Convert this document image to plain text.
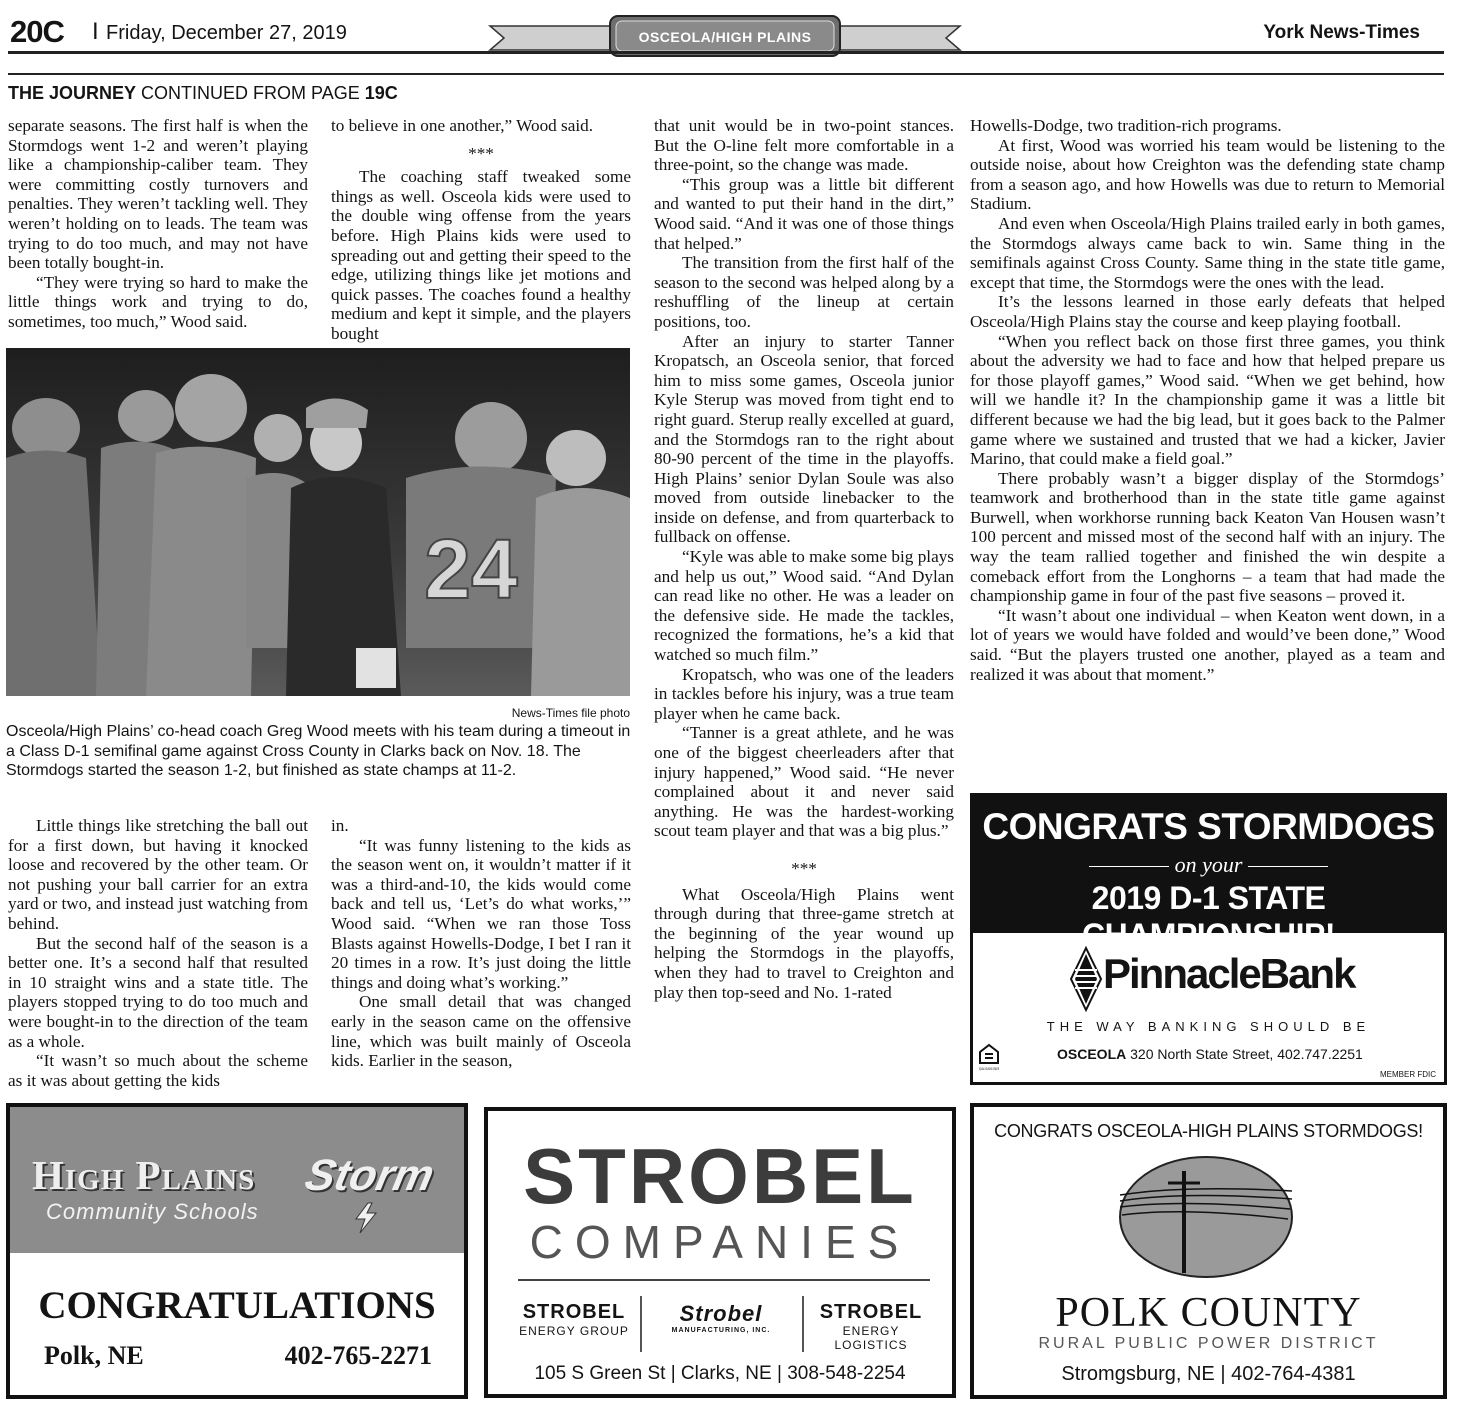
20C I Friday, December 27, 2019	OSCEOLA/HIGH PLAINS	York News-Times
THE JOURNEY CONTINUED FROM PAGE 19C

separate seasons. The first half is when the Stormdogs went 1-2 and weren’t playing like a championship-caliber team. They were committing costly turnovers and penalties. They weren’t tackling well. They weren’t holding on to leads. The team was trying to do too much, and may not have been totally bought-in.

“They were trying so hard to make the little things work and trying to do, sometimes, too much,” Wood said.

to believe in one another,” Wood said.

***

The coaching staff tweaked some things as well. Osceola kids were used to the double wing offense from the years before. High Plains kids were used to spreading out and getting their speed to the edge, utilizing things like jet motions and quick passes. The coaches found a healthy medium and kept it simple, and the players bought

24
News-Times file photo
Osceola/High Plains’ co-head coach Greg Wood meets with his team during a timeout in a Class D-1 semifinal game against Cross County in Clarks back on Nov. 18. The Stormdogs started the season 1-2, but finished as state champs at 11-2.

Little things like stretching the ball out for a first down, but having it knocked loose and recovered by the other team. Or not pushing your ball carrier for an extra yard or two, and instead just watching from behind.

But the second half of the season is a better one. It’s a second half that resulted in 10 straight wins and a state title. The players stopped trying to do too much and were bought-in to the direction of the team as a whole.

“It wasn’t so much about the scheme as it was about getting the kids

in.

“It was funny listening to the kids as the season went on, it wouldn’t matter if it was a third-and-10, the kids would come back and tell us, ‘Let’s do what works,’” Wood said. “When we ran those Toss Blasts against Howells-Dodge, I bet I ran it 20 times in a row. It’s just doing the little things and doing what’s working.”

One small detail that was changed early in the season came on the offensive line, which was built mainly of Osceola kids. Earlier in the season,

that unit would be in two-point stances. But the O-line felt more comfortable in a three-point, so the change was made.

“This group was a little bit different and wanted to put their hand in the dirt,” Wood said. “And it was one of those things that helped.”

The transition from the first half of the season to the second was helped along by a reshuffling of the lineup at certain positions, too.

After an injury to starter Tanner Kropatsch, an Osceola senior, that forced him to miss some games, Osceola junior Kyle Sterup was moved from tight end to right guard. Sterup really excelled at guard, and the Stormdogs ran to the right about 80-90 percent of the time in the playoffs. High Plains’ senior Dylan Soule was also moved from outside linebacker to the inside on defense, and from quarterback to fullback on offense.

“Kyle was able to make some big plays and help us out,” Wood said. “And Dylan can read like no other. He was a leader on the defensive side. He made the tackles, recognized the formations, he’s a kid that watched so much film.”

Kropatsch, who was one of the leaders in tackles before his injury, was a true team player when he came back.

“Tanner is a great athlete, and he was one of the biggest cheerleaders after that injury happened,” Wood said. “He never complained about it and never said anything. He was the hardest-working scout team player and that was a big plus.”

***

What Osceola/High Plains went through during that three-game stretch at the beginning of the year wound up helping the Stormdogs in the playoffs, when they had to travel to Creighton and play then top-seed and No. 1-rated

Howells-Dodge, two tradition-rich programs.

At first, Wood was worried his team would be listening to the outside noise, about how Creighton was the defending state champ from a season ago, and how Howells was due to return to Memorial Stadium.

And even when Osceola/High Plains trailed early in both games, the Stormdogs always came back to win. Same thing in the semifinals against Cross County. Same thing in the state title game, except that time, the Stormdogs were the ones with the lead.

It’s the lessons learned in those early defeats that helped Osceola/High Plains stay the course and keep playing football.

“When you reflect back on those first three games, you think about the adversity we had to face and how that helped prepare us for those playoff games,” Wood said. “When we get behind, how will we handle it? In the championship game it was a little bit different because we had the big lead, but it goes back to the Palmer game where we sustained and trusted that we had a kicker, Javier Marino, that could make a field goal.”

There probably wasn’t a bigger display of the Stormdogs’ teamwork and brotherhood than in the state title game against Burwell, when workhorse running back Keaton Van Housen wasn’t 100 percent and missed most of the second half with an injury. The way the team rallied together and finished the win despite a comeback effort from the Longhorns – a team that had made the championship game in four of the past five seasons – proved it.

“It wasn’t about one individual – when Keaton went down, in a lot of years we would have folded and would’ve been done,” Wood said. “But the players trusted one another, played as a team and realized it was about that moment.”

CONGRATS STORMDOGS
on your
2019 D-1 STATE CHAMPIONSHIP!
PinnacleBank
THE WAY BANKING SHOULD BE
EQUAL HOUSING LENDER
OSCEOLA 320 North State Street, 402.747.2251
MEMBER FDIC
High Plains
Community Schools
Storm
CONGRATULATIONS
Polk, NE	402-765-2271
STROBEL
COMPANIES
STROBEL
ENERGY GROUP
Strobel
MANUFACTURING, INC.
STROBEL
ENERGY LOGISTICS
105 S Green St | Clarks, NE | 308-548-2254
CONGRATS OSCEOLA-HIGH PLAINS STORMDOGS!
POLK COUNTY
RURAL PUBLIC POWER DISTRICT
Stromgsburg, NE | 402-764-4381
